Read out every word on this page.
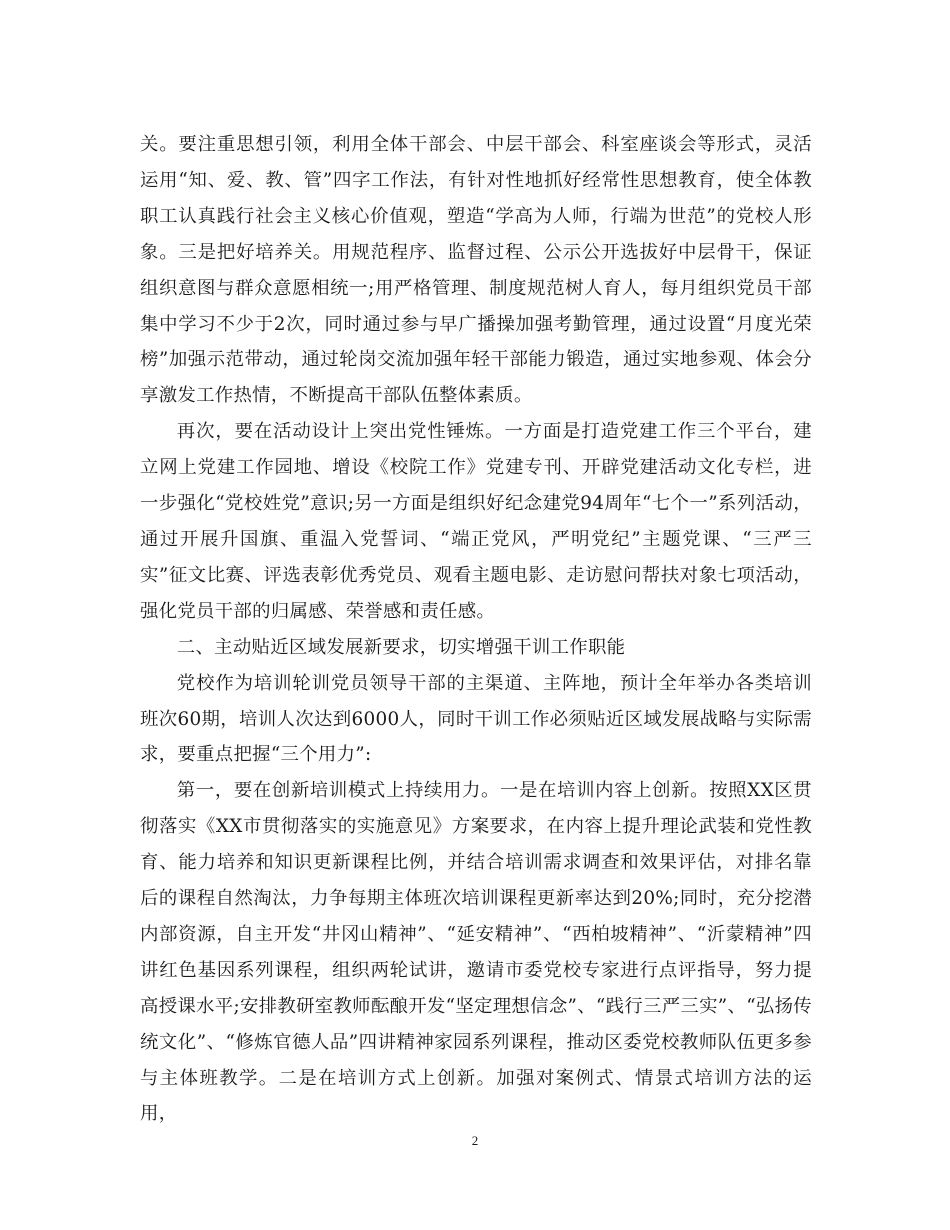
关。要注重思想引领，利用全体干部会、中层干部会、科室座谈会等形式，灵活运用“知、爱、教、管”四字工作法，有针对性地抓好经常性思想教育，使全体教职工认真践行社会主义核心价值观，塑造“学高为人师，行端为世范”的党校人形象。三是把好培养关。用规范程序、监督过程、公示公开选拔好中层骨干，保证组织意图与群众意愿相统一;用严格管理、制度规范树人育人，每月组织党员干部集中学习不少于2次，同时通过参与早广播操加强考勤管理，通过设置“月度光荣榜”加强示范带动，通过轮岗交流加强年轻干部能力锻造，通过实地参观、体会分享激发工作热情，不断提高干部队伍整体素质。

再次，要在活动设计上突出党性锤炼。一方面是打造党建工作三个平台，建立网上党建工作园地、增设《校院工作》党建专刊、开辟党建活动文化专栏，进一步强化“党校姓党”意识;另一方面是组织好纪念建党94周年“七个一”系列活动，通过开展升国旗、重温入党誓词、“端正党风，严明党纪”主题党课、“三严三实”征文比赛、评选表彰优秀党员、观看主题电影、走访慰问帮扶对象七项活动，强化党员干部的归属感、荣誉感和责任感。

二、主动贴近区域发展新要求，切实增强干训工作职能

党校作为培训轮训党员领导干部的主渠道、主阵地，预计全年举办各类培训班次60期，培训人次达到6000人，同时干训工作必须贴近区域发展战略与实际需求，要重点把握“三个用力”:

第一，要在创新培训模式上持续用力。一是在培训内容上创新。按照XX区贯彻落实《XX市贯彻落实的实施意见》方案要求，在内容上提升理论武装和党性教育、能力培养和知识更新课程比例，并结合培训需求调查和效果评估，对排名靠后的课程自然淘汰，力争每期主体班次培训课程更新率达到20%;同时，充分挖潜内部资源，自主开发“井冈山精神”、“延安精神”、“西柏坡精神”、“沂蒙精神”四讲红色基因系列课程，组织两轮试讲，邀请市委党校专家进行点评指导，努力提高授课水平;安排教研室教师酝酿开发“坚定理想信念”、“践行三严三实”、“弘扬传统文化”、“修炼官德人品”四讲精神家园系列课程，推动区委党校教师队伍更多参与主体班教学。二是在培训方式上创新。加强对案例式、情景式培训方法的运用，

2
